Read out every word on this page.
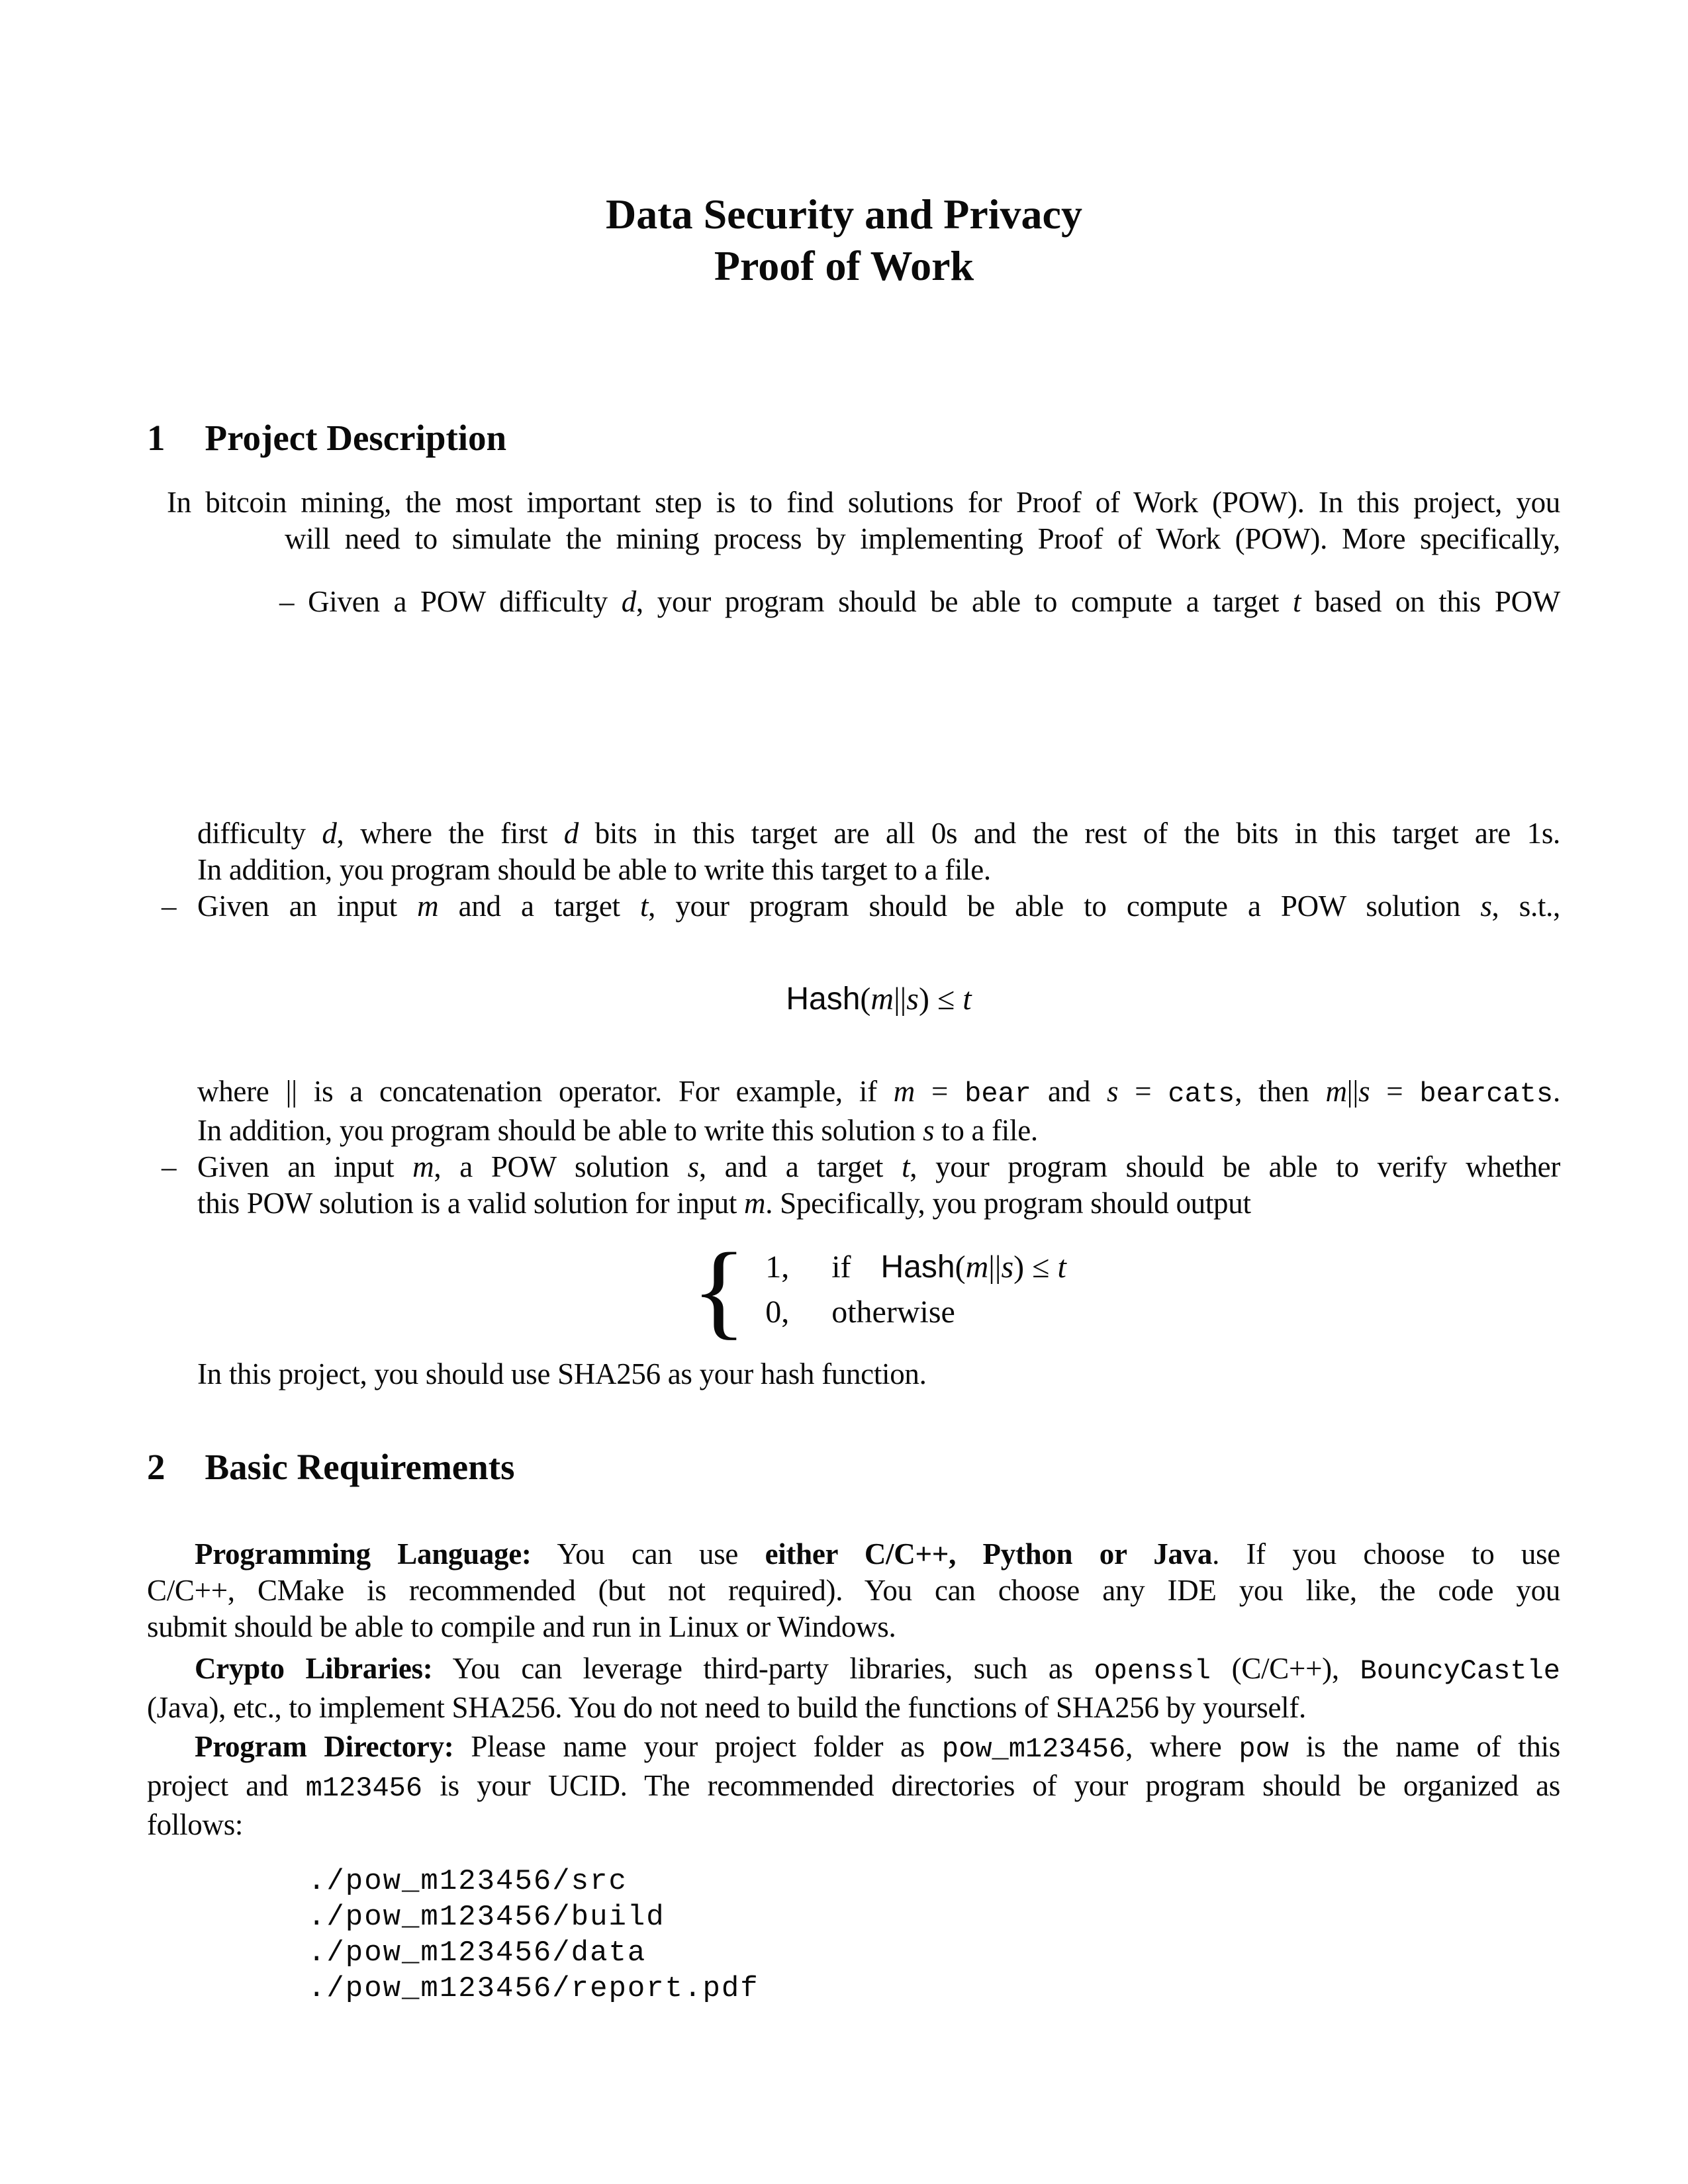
Data Security and Privacy
Proof of Work
1 Project Description
In bitcoin mining, the most important step is to find solutions for Proof of Work (POW). In this project, you
will need to simulate the mining process by implementing Proof of Work (POW). More specifically,
– Given a POW difficulty d, your program should be able to compute a target t based on this POW
difficulty d, where the first d bits in this target are all 0s and the rest of the bits in this target are 1s.
In addition, you program should be able to write this target to a file.
– Given an input m and a target t, your program should be able to compute a POW solution s, s.t.,
Hash(m||s) ≤ t
where || is a concatenation operator. For example, if m = bear and s = cats, then m||s = bearcats.
In addition, you program should be able to write this solution s to a file.
– Given an input m, a POW solution s, and a target t, your program should be able to verify whether
this POW solution is a valid solution for input m. Specifically, you program should output
{ 1,	if Hash(m||s) ≤ t
0,	otherwise
In this project, you should use SHA256 as your hash function.
2 Basic Requirements
Programming Language: You can use either C/C++, Python or Java. If you choose to use
C/C++, CMake is recommended (but not required). You can choose any IDE you like, the code you
submit should be able to compile and run in Linux or Windows.
Crypto Libraries: You can leverage third-party libraries, such as openssl (C/C++), BouncyCastle
(Java), etc., to implement SHA256. You do not need to build the functions of SHA256 by yourself.
Program Directory: Please name your project folder as pow_m123456, where pow is the name of this
project and m123456 is your UCID. The recommended directories of your program should be organized as
follows:
./pow_m123456/src
./pow_m123456/build
./pow_m123456/data
./pow_m123456/report.pdf
